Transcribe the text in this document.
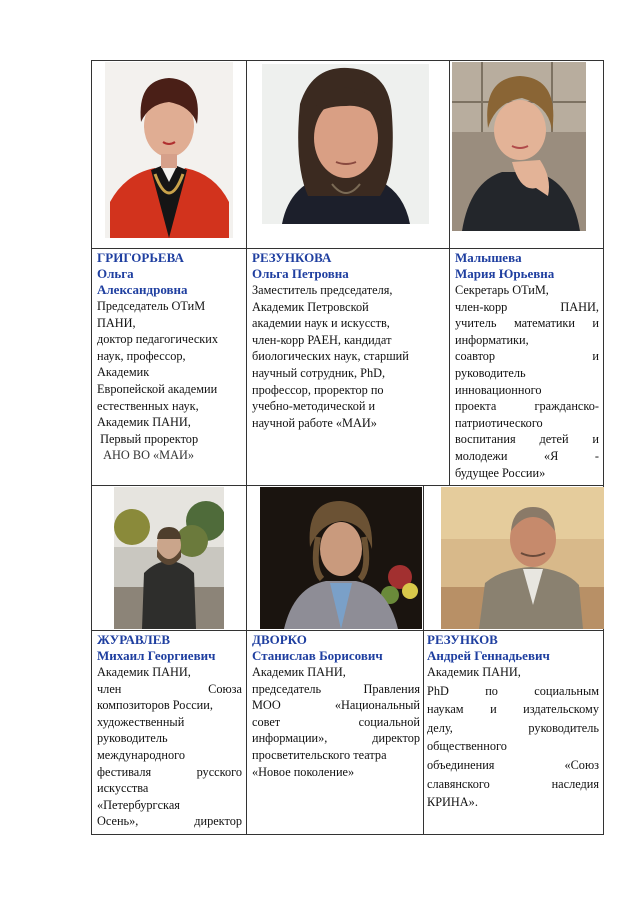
ГРИГОРЬЕВА
Ольга
Александровна
Председатель ОТиМ
ПАНИ,
доктор педагогических
наук, профессор,
Академик
Европейской академии
естественных наук,
Академик ПАНИ,
Первый проректор
АНО ВО «МАИ»
РЕЗУНКОВА
Ольга Петровна
Заместитель председателя,
Академик Петровской
академии наук и искусств,
член-корр РАЕН, кандидат
биологических наук, старший
научный сотрудник, PhD,
профессор, проректор по
учебно-методической и
научной работе «МАИ»
Малышева
Мария Юрьевна
Секретарь ОТиМ,
член-корр ПАНИ,
учитель математики и
информатики,
соавтор и
руководитель
инновационного
проекта гражданско-
патриотического
воспитания детей и
молодежи «Я -
будущее России»
ЖУРАВЛЕВ
Михаил Георгиевич
Академик ПАНИ,
член Союза
композиторов России,
художественный
руководитель
международного
фестиваля русского
искусства
«Петербургская
Осень», директор
ДВОРКО
Станислав Борисович
Академик ПАНИ,
председатель Правления
МОО «Национальный
совет социальной
информации», директор
просветительского театра
«Новое поколение»
РЕЗУНКОВ
Андрей Геннадьевич
Академик ПАНИ,
PhD по социальным
наукам и издательскому
делу, руководитель
общественного
объединения «Союз
славянского наследия
КРИНА».
